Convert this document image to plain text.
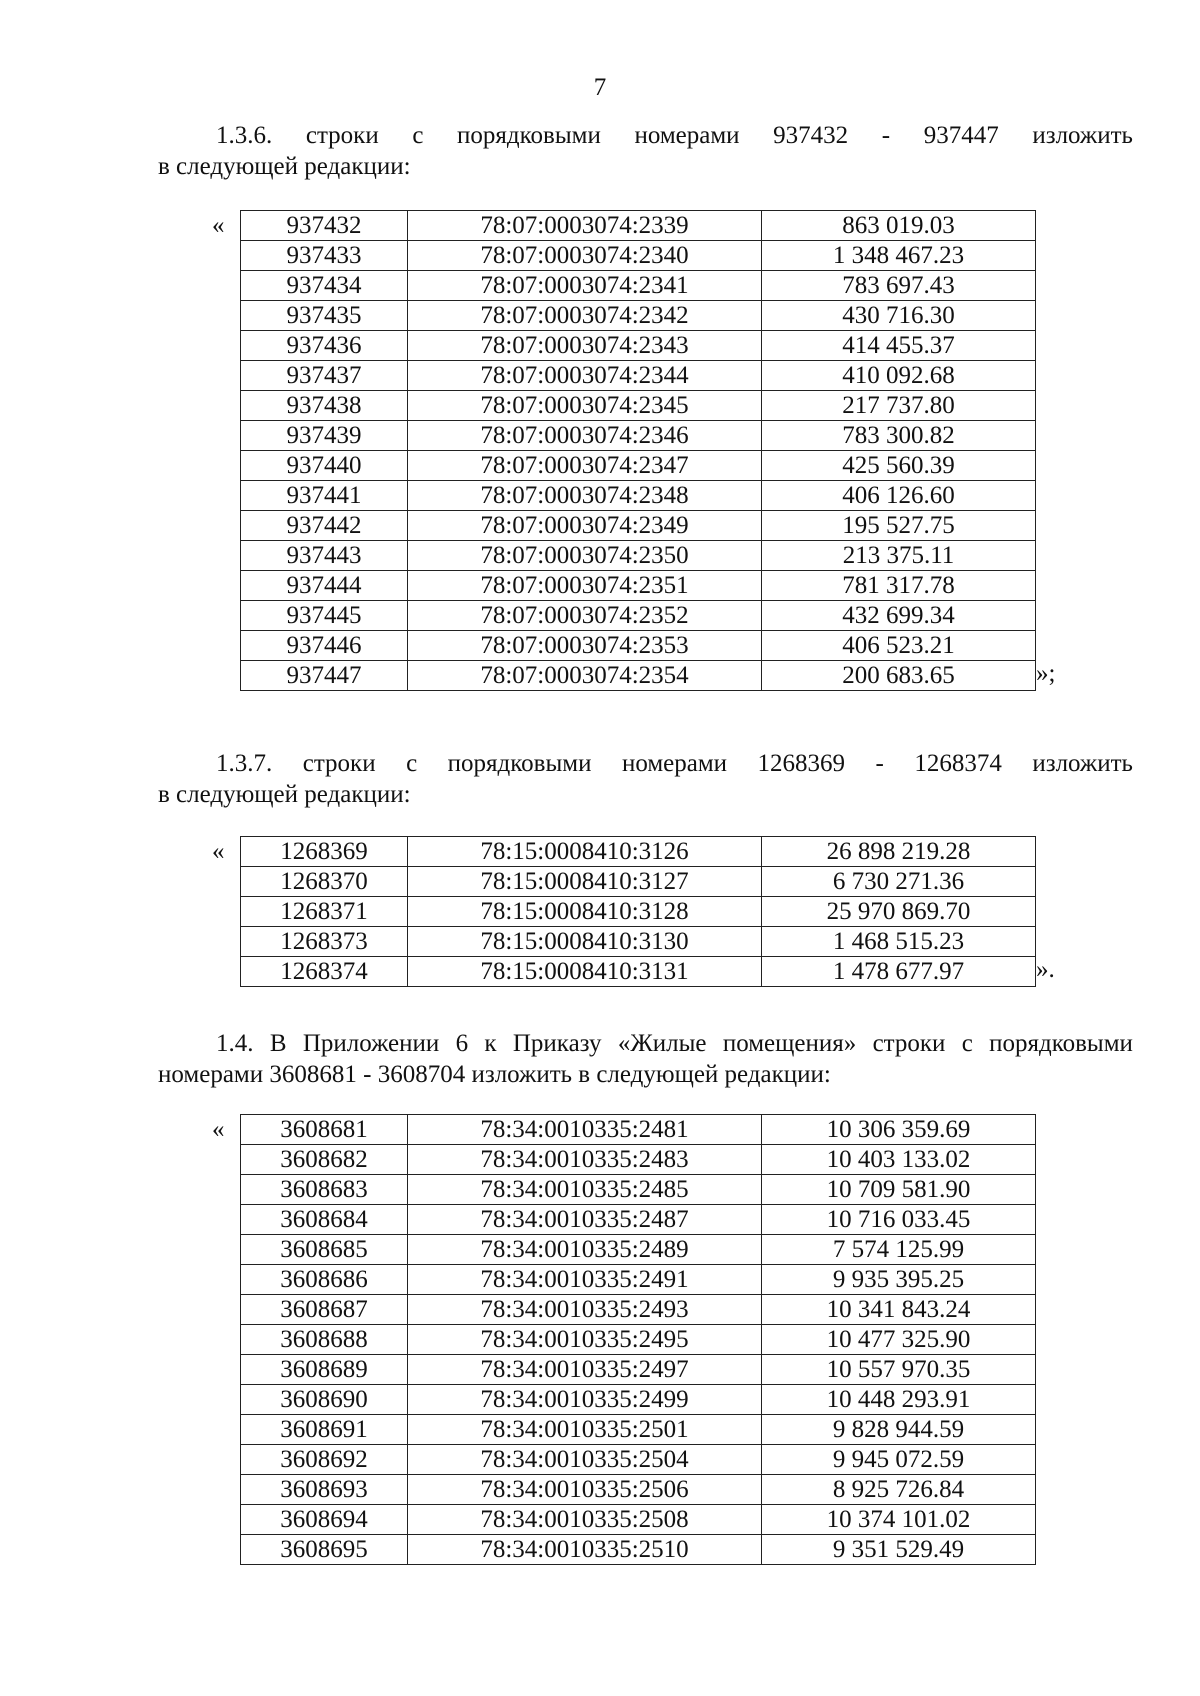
7
1.3.6. строки с порядковыми номерами 937432 - 937447 изложить
в следующей редакции:
« 937432	78:07:0003074:2339	863 019.03
937433	78:07:0003074:2340	1 348 467.23
937434	78:07:0003074:2341	783 697.43
937435	78:07:0003074:2342	430 716.30
937436	78:07:0003074:2343	414 455.37
937437	78:07:0003074:2344	410 092.68
937438	78:07:0003074:2345	217 737.80
937439	78:07:0003074:2346	783 300.82
937440	78:07:0003074:2347	425 560.39
937441	78:07:0003074:2348	406 126.60
937442	78:07:0003074:2349	195 527.75
937443	78:07:0003074:2350	213 375.11
937444	78:07:0003074:2351	781 317.78
937445	78:07:0003074:2352	432 699.34
937446	78:07:0003074:2353	406 523.21
937447	78:07:0003074:2354	200 683.65	»;
1.3.7. строки с порядковыми номерами 1268369 - 1268374 изложить
в следующей редакции:
« 1268369	78:15:0008410:3126	26 898 219.28
1268370	78:15:0008410:3127	6 730 271.36
1268371	78:15:0008410:3128	25 970 869.70
1268373	78:15:0008410:3130	1 468 515.23
1268374	78:15:0008410:3131	1 478 677.97	».
1.4. В Приложении 6 к Приказу «Жилые помещения» строки с порядковыми
номерами 3608681 - 3608704 изложить в следующей редакции:
« 3608681	78:34:0010335:2481	10 306 359.69
3608682	78:34:0010335:2483	10 403 133.02
3608683	78:34:0010335:2485	10 709 581.90
3608684	78:34:0010335:2487	10 716 033.45
3608685	78:34:0010335:2489	7 574 125.99
3608686	78:34:0010335:2491	9 935 395.25
3608687	78:34:0010335:2493	10 341 843.24
3608688	78:34:0010335:2495	10 477 325.90
3608689	78:34:0010335:2497	10 557 970.35
3608690	78:34:0010335:2499	10 448 293.91
3608691	78:34:0010335:2501	9 828 944.59
3608692	78:34:0010335:2504	9 945 072.59
3608693	78:34:0010335:2506	8 925 726.84
3608694	78:34:0010335:2508	10 374 101.02
3608695	78:34:0010335:2510	9 351 529.49
